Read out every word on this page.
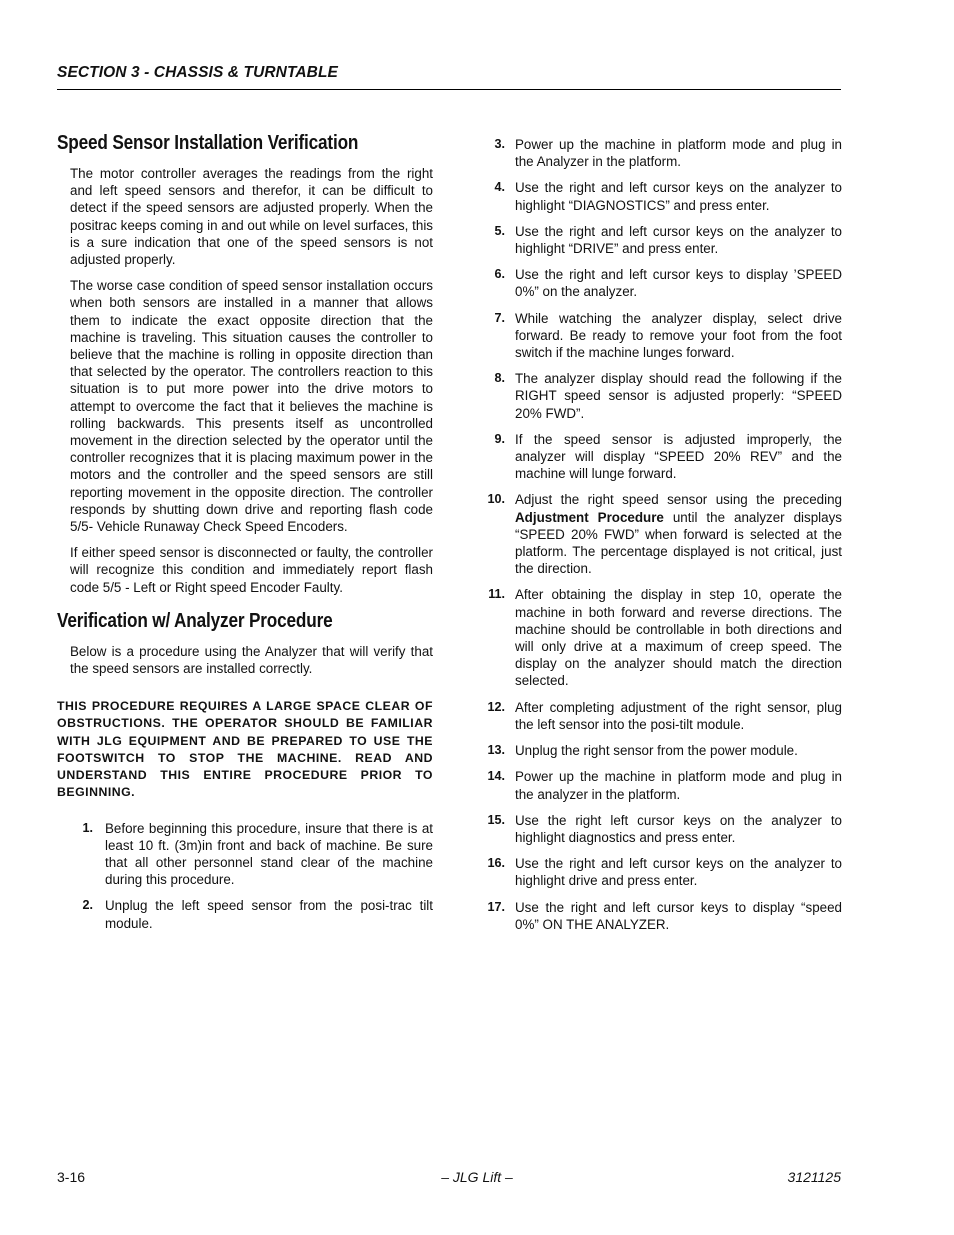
SECTION 3 - CHASSIS & TURNTABLE
Speed Sensor Installation Verification

The motor controller averages the readings from the right and left speed sensors and therefor, it can be difficult to detect if the speed sensors are adjusted properly. When the positrac keeps coming in and out while on level surfaces, this is a sure indication that one of the speed sensors is not adjusted properly.

The worse case condition of speed sensor installation occurs when both sensors are installed in a manner that allows them to indicate the exact opposite direction that the machine is traveling. This situation causes the controller to believe that the machine is rolling in opposite direction than that selected by the operator. The controllers reaction to this situation is to put more power into the drive motors to attempt to overcome the fact that it believes the machine is rolling backwards. This presents itself as uncontrolled movement in the direction selected by the operator until the controller recognizes that it is placing maximum power in the motors and the controller and the speed sensors are still reporting movement in the opposite direction. The controller responds by shutting down drive and reporting flash code 5/5- Vehicle Runaway Check Speed Encoders.

If either speed sensor is disconnected or faulty, the controller will recognize this condition and immediately report flash code 5/5 - Left or Right speed Encoder Faulty.

Verification w/ Analyzer Procedure

Below is a procedure using the Analyzer that will verify that the speed sensors are installed correctly.

THIS PROCEDURE REQUIRES A LARGE SPACE CLEAR OF OBSTRUCTIONS. THE OPERATOR SHOULD BE FAMILIAR WITH JLG EQUIPMENT AND BE PREPARED TO USE THE FOOTSWITCH TO STOP THE MACHINE. READ AND UNDERSTAND THIS ENTIRE PROCEDURE PRIOR TO BEGINNING.
1. Before beginning this procedure, insure that there is at least 10 ft. (3m)in front and back of machine. Be sure that all other personnel stand clear of the machine during this procedure.
2. Unplug the left speed sensor from the posi-trac tilt module.
3. Power up the machine in platform mode and plug in the Analyzer in the platform.
4. Use the right and left cursor keys on the analyzer to highlight “DIAGNOSTICS” and press enter.
5. Use the right and left cursor keys on the analyzer to highlight “DRIVE” and press enter.
6. Use the right and left cursor keys to display ’SPEED 0%” on the analyzer.
7. While watching the analyzer display, select drive forward. Be ready to remove your foot from the foot switch if the machine lunges forward.
8. The analyzer display should read the following if the RIGHT speed sensor is adjusted properly: “SPEED 20% FWD”.
9. If the speed sensor is adjusted improperly, the analyzer will display “SPEED 20% REV” and the machine will lunge forward.
10. Adjust the right speed sensor using the preceding Adjustment Procedure until the analyzer displays “SPEED 20% FWD” when forward is selected at the platform. The percentage displayed is not critical, just the direction.
11. After obtaining the display in step 10, operate the machine in both forward and reverse directions. The machine should be controllable in both directions and will only drive at a maximum of creep speed. The display on the analyzer should match the direction selected.
12. After completing adjustment of the right sensor, plug the left sensor into the posi-tilt module.
13. Unplug the right sensor from the power module.
14. Power up the machine in platform mode and plug in the analyzer in the platform.
15. Use the right left cursor keys on the analyzer to highlight diagnostics and press enter.
16. Use the right and left cursor keys on the analyzer to highlight drive and press enter.
17. Use the right and left cursor keys to display “speed 0%” ON THE ANALYZER.
3-16	– JLG Lift –	3121125
